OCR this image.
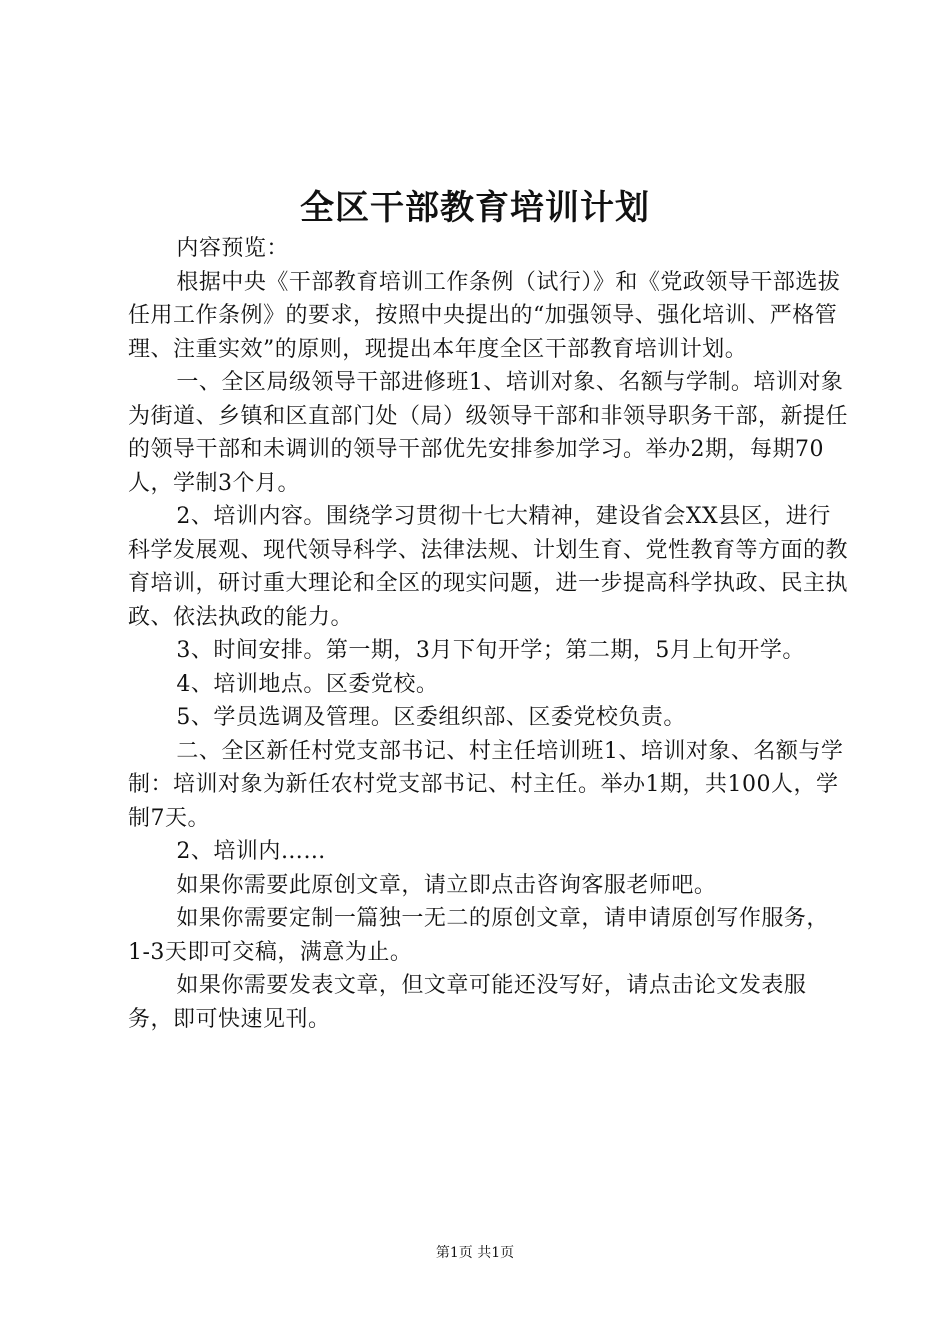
全区干部教育培训计划

内容预览：

根据中央《干部教育培训工作条例（试行）》和《党政领导干部选拔任用工作条例》的要求，按照中央提出的“加强领导、强化培训、严格管理、注重实效”的原则，现提出本年度全区干部教育培训计划。

一、全区局级领导干部进修班1、培训对象、名额与学制。培训对象为街道、乡镇和区直部门处（局）级领导干部和非领导职务干部，新提任的领导干部和未调训的领导干部优先安排参加学习。举办2期，每期70人，学制3个月。

2、培训内容。围绕学习贯彻十七大精神，建设省会XX县区，进行科学发展观、现代领导科学、法律法规、计划生育、党性教育等方面的教育培训，研讨重大理论和全区的现实问题，进一步提高科学执政、民主执政、依法执政的能力。

3、时间安排。第一期，3月下旬开学；第二期，5月上旬开学。

4、培训地点。区委党校。

5、学员选调及管理。区委组织部、区委党校负责。

二、全区新任村党支部书记、村主任培训班1、培训对象、名额与学制：培训对象为新任农村党支部书记、村主任。举办1期，共100人，学制7天。

2、培训内……

如果你需要此原创文章，请立即点击咨询客服老师吧。

如果你需要定制一篇独一无二的原创文章，请申请原创写作服务，1-3天即可交稿，满意为止。

如果你需要发表文章，但文章可能还没写好，请点击论文发表服务，即可快速见刊。

第1页 共1页
